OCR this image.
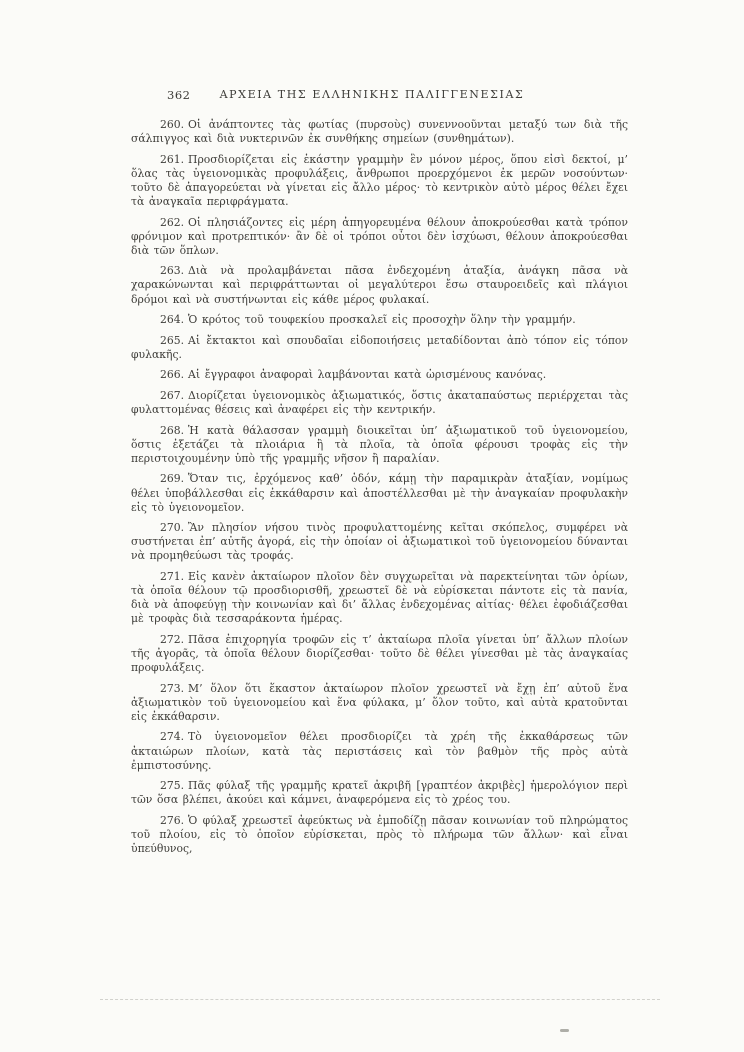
362	ΑΡΧΕΙΑ ΤΗΣ ΕΛΛΗΝΙΚΗΣ ΠΑΛΙΓΓΕΝΕΣΙΑΣ

260. Οἱ ἀνάπτοντες τὰς φωτίας (πυρσοὺς) συνεννοοῦνται μεταξύ των διὰ τῆς σάλπιγγος καὶ διὰ νυκτερινῶν ἐκ συνθήκης σημείων (συνθημάτων).

261. Προσδιορίζεται εἰς ἑκάστην γραμμὴν ἓν μόνον μέρος, ὅπου εἰσὶ δεκτοί, μ’ ὅλας τὰς ὑγειονομικὰς προφυλάξεις, ἄνθρωποι προερχόμενοι ἐκ μερῶν νοσούντων· τοῦτο δὲ ἀπαγορεύεται νὰ γίνεται εἰς ἄλλο μέρος· τὸ κεντρικὸν αὐτὸ μέρος θέλει ἔχει τὰ ἀναγκαῖα περιφράγματα.

262. Οἱ πλησιάζοντες εἰς μέρη ἀπηγορευμένα θέλουν ἀποκρούεσθαι κατὰ τρόπον φρόνιμον καὶ προτρεπτικόν· ἂν δὲ οἱ τρόποι οὗτοι δὲν ἰσχύωσι, θέλουν ἀποκρούεσθαι διὰ τῶν ὅπλων.

263. Διὰ νὰ προλαμβάνεται πᾶσα ἐνδεχομένη ἀταξία, ἀνάγκη πᾶσα νὰ χαρακώνωνται καὶ περιφράττωνται οἱ μεγαλύτεροι ἔσω σταυροειδεῖς καὶ πλάγιοι δρόμοι καὶ νὰ συστήνωνται εἰς κάθε μέρος φυλακαί.

264. Ὁ κρότος τοῦ τουφεκίου προσκαλεῖ εἰς προσοχὴν ὅλην τὴν γραμμήν.

265. Αἱ ἔκτακτοι καὶ σπουδαῖαι εἰδοποιήσεις μεταδίδονται ἀπὸ τόπον εἰς τόπον φυλακῆς.

266. Αἱ ἔγγραφοι ἀναφοραὶ λαμβάνονται κατὰ ὡρισμένους κανόνας.

267. Διορίζεται ὑγειονομικὸς ἀξιωματικός, ὅστις ἀκαταπαύστως περιέρχεται τὰς φυλαττομένας θέσεις καὶ ἀναφέρει εἰς τὴν κεντρικήν.

268. Ἡ κατὰ θάλασσαν γραμμὴ διοικεῖται ὑπ’ ἀξιωματικοῦ τοῦ ὑγειονομείου, ὅστις ἐξετάζει τὰ πλοιάρια ἢ τὰ πλοῖα, τὰ ὁποῖα φέρουσι τροφὰς εἰς τὴν περιστοιχουμένην ὑπὸ τῆς γραμμῆς νῆσον ἢ παραλίαν.

269. Ὅταν τις, ἐρχόμενος καθ’ ὁδόν, κάμῃ τὴν παραμικρὰν ἀταξίαν, νομίμως θέλει ὑποβάλλεσθαι εἰς ἐκκάθαρσιν καὶ ἀποστέλλεσθαι μὲ τὴν ἀναγκαίαν προφυλακὴν εἰς τὸ ὑγειονομεῖον.

270. Ἂν πλησίον νήσου τινὸς προφυλαττομένης κεῖται σκόπελος, συμφέρει νὰ συστήνεται ἐπ’ αὐτῆς ἀγορά, εἰς τὴν ὁποίαν οἱ ἀξιωματικοὶ τοῦ ὑγειονομείου δύνανται νὰ προμηθεύωσι τὰς τροφάς.

271. Εἰς κανὲν ἀκταίωρον πλοῖον δὲν συγχωρεῖται νὰ παρεκτείνηται τῶν ὁρίων, τὰ ὁποῖα θέλουν τῷ προσδιορισθῆ, χρεωστεῖ δὲ νὰ εὑρίσκεται πάντοτε εἰς τὰ πανία, διὰ νὰ ἀποφεύγῃ τὴν κοινωνίαν καὶ δι’ ἄλλας ἐνδεχομένας αἰτίας· θέλει ἐφοδιάζεσθαι μὲ τροφὰς διὰ τεσσαράκοντα ἡμέρας.

272. Πᾶσα ἐπιχορηγία τροφῶν εἰς τ’ ἀκταίωρα πλοῖα γίνεται ὑπ’ ἄλλων πλοίων τῆς ἀγορᾶς, τὰ ὁποῖα θέλουν διορίζεσθαι· τοῦτο δὲ θέλει γίνεσθαι μὲ τὰς ἀναγκαίας προφυλάξεις.

273. Μ’ ὅλον ὅτι ἕκαστον ἀκταίωρον πλοῖον χρεωστεῖ νὰ ἔχῃ ἐπ’ αὐτοῦ ἕνα ἀξιωματικὸν τοῦ ὑγειονομείου καὶ ἕνα φύλακα, μ’ ὅλον τοῦτο, καὶ αὐτὰ κρατοῦνται εἰς ἐκκάθαρσιν.

274. Τὸ ὑγειονομεῖον θέλει προσδιορίζει τὰ χρέη τῆς ἐκκαθάρσεως τῶν ἀκταιώρων πλοίων, κατὰ τὰς περιστάσεις καὶ τὸν βαθμὸν τῆς πρὸς αὐτὰ ἐμπιστοσύνης.

275. Πᾶς φύλαξ τῆς γραμμῆς κρατεῖ ἀκριβῆ [γραπτέον ἀκριβὲς] ἡμερολόγιον περὶ τῶν ὅσα βλέπει, ἀκούει καὶ κάμνει, ἀναφερόμενα εἰς τὸ χρέος του.

276. Ὁ φύλαξ χρεωστεῖ ἀφεύκτως νὰ ἐμποδίζῃ πᾶσαν κοινωνίαν τοῦ πληρώματος τοῦ πλοίου, εἰς τὸ ὁποῖον εὑρίσκεται, πρὸς τὸ πλήρωμα τῶν ἄλλων· καὶ εἶναι ὑπεύθυνος,
